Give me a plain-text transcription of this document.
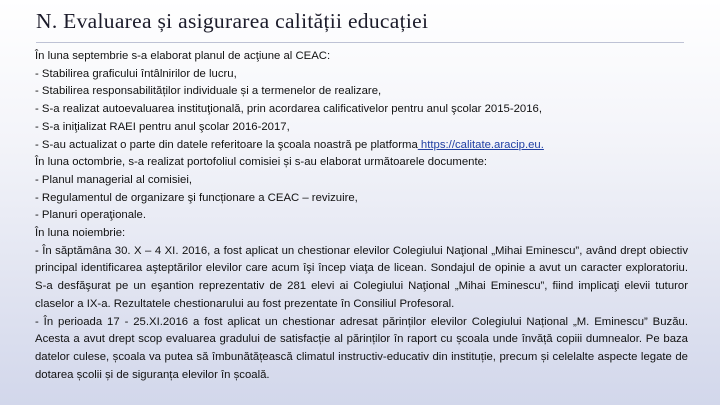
N. Evaluarea și asigurarea calității educației
În luna septembrie s-a elaborat planul de acţiune al CEAC:
- Stabilirea graficului întâlnirilor de lucru,
- Stabilirea responsabilităților individuale și a termenelor de realizare,
- S-a realizat autoevaluarea instituţională, prin acordarea calificativelor pentru anul şcolar 2015-2016,
- S-a iniţializat RAEI pentru anul şcolar 2016-2017,
- S-au actualizat o parte din datele referitoare la şcoala noastră pe platforma https://calitate.aracip.eu.
În luna octombrie, s-a realizat portofoliul comisiei și s-au elaborat următoarele documente:
- Planul managerial al comisiei,
- Regulamentul de organizare şi funcționare a CEAC – revizuire,
- Planuri operaţionale.
În luna noiembrie:
- În săptămâna 30. X – 4 XI. 2016, a fost aplicat un chestionar elevilor Colegiului Naţional „Mihai Eminescu”, având drept obiectiv principal identificarea aşteptărilor elevilor care acum îşi încep viaţa de licean. Sondajul de opinie a avut un caracter exploratoriu. S-a desfăşurat pe un eşantion reprezentativ de 281 elevi ai Colegiului Naţional „Mihai Eminescu”, fiind implicaţi elevii tuturor claselor a IX-a. Rezultatele chestionarului au fost prezentate în Consiliul Profesoral.
- În perioada 17 - 25.XI.2016 a fost aplicat un chestionar adresat părinților elevilor Colegiului Național „M. Eminescu” Buzău. Acesta a avut drept scop evaluarea gradului de satisfacție al părinților în raport cu școala unde învăță copiii dumnealor. Pe baza datelor culese, școala va putea să îmbunătățească climatul instructiv-educativ din instituție, precum și celelalte aspecte legate de dotarea școlii și de siguranța elevilor în școală.
